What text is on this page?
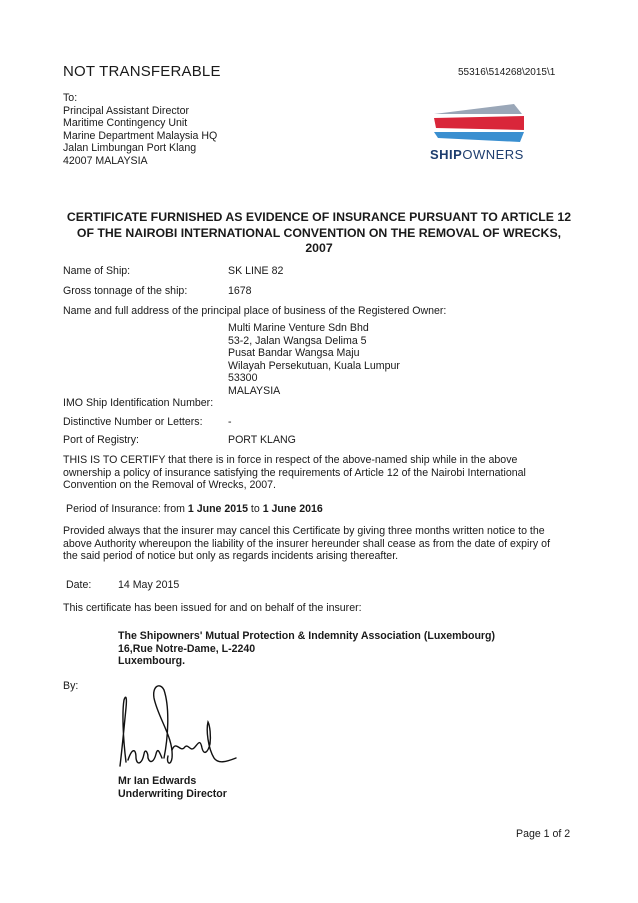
NOT TRANSFERABLE	55316\514268\2015\1
To:
Principal Assistant Director
Maritime Contingency Unit
Marine Department Malaysia HQ
Jalan Limbungan Port Klang
42007 MALAYSIA	SHIPOWNERS
CERTIFICATE FURNISHED AS EVIDENCE OF INSURANCE PURSUANT TO ARTICLE 12 OF THE NAIROBI INTERNATIONAL CONVENTION ON THE REMOVAL OF WRECKS, 2007
Name of Ship:	SK LINE 82
Gross tonnage of the ship:	1678
Name and full address of the principal place of business of the Registered Owner:
Multi Marine Venture Sdn Bhd
53-2, Jalan Wangsa Delima 5
Pusat Bandar Wangsa Maju
Wilayah Persekutuan, Kuala Lumpur
53300
MALAYSIA
IMO Ship Identification Number:
Distinctive Number or Letters: -
Port of Registry:	PORT KLANG
THIS IS TO CERTIFY that there is in force in respect of the above-named ship while in the above
ownership a policy of insurance satisfying the requirements of Article 12 of the Nairobi International
Convention on the Removal of Wrecks, 2007.
Period of Insurance: from 1 June 2015 to 1 June 2016
Provided always that the insurer may cancel this Certificate by giving three months written notice to the
above Authority whereupon the liability of the insurer hereunder shall cease as from the date of expiry of
the said period of notice but only as regards incidents arising thereafter.
Date:	14 May 2015
This certificate has been issued for and on behalf of the insurer:
The Shipowners' Mutual Protection & Indemnity Association (Luxembourg)
16,Rue Notre-Dame, L-2240
Luxembourg.
By:
Mr Ian Edwards
Underwriting Director
Page 1 of 2
